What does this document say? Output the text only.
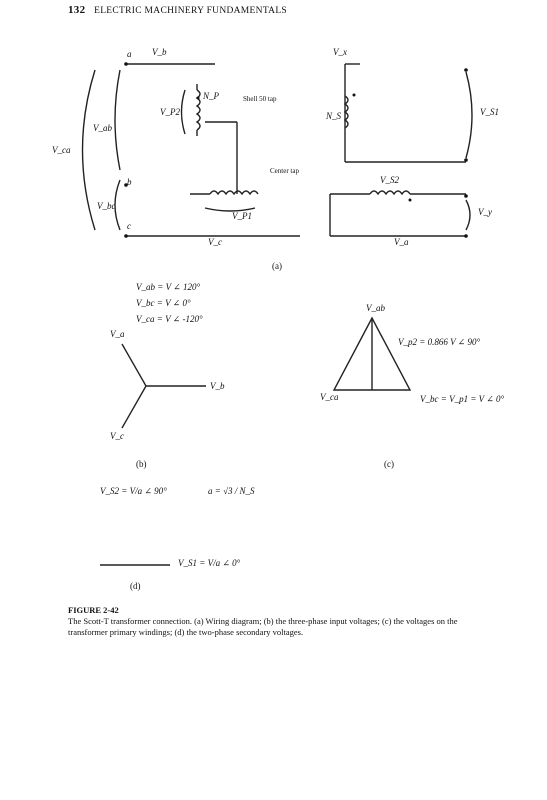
132 ELECTRIC MACHINERY FUNDAMENTALS
V_b
a
b
c
V_c
V_ab
V_bc
V_ca
V_P2
N_P	Shell 50 tap
Center tap
V_P1
N_S
V_x
V_S1
V_y
V_S2
V_a
(a)
V_ab = V ∠ 120°
V_bc = V ∠ 0°
V_ca = V ∠ -120°
V_a
V_b
V_c
(b)
V_ab
V_p2 = 0.866 V ∠ 90°
V_ca	V_bc = V_p1 = V ∠ 0°
(c)
V_S2 = V/a ∠ 90°	a = √3 / N_S
V_S1 = V/a ∠ 0°
(d)
FIGURE 2-42
The Scott-T transformer connection. (a) Wiring diagram; (b) the three-phase input voltages; (c) the voltages on the transformer primary windings; (d) the two-phase secondary voltages.
